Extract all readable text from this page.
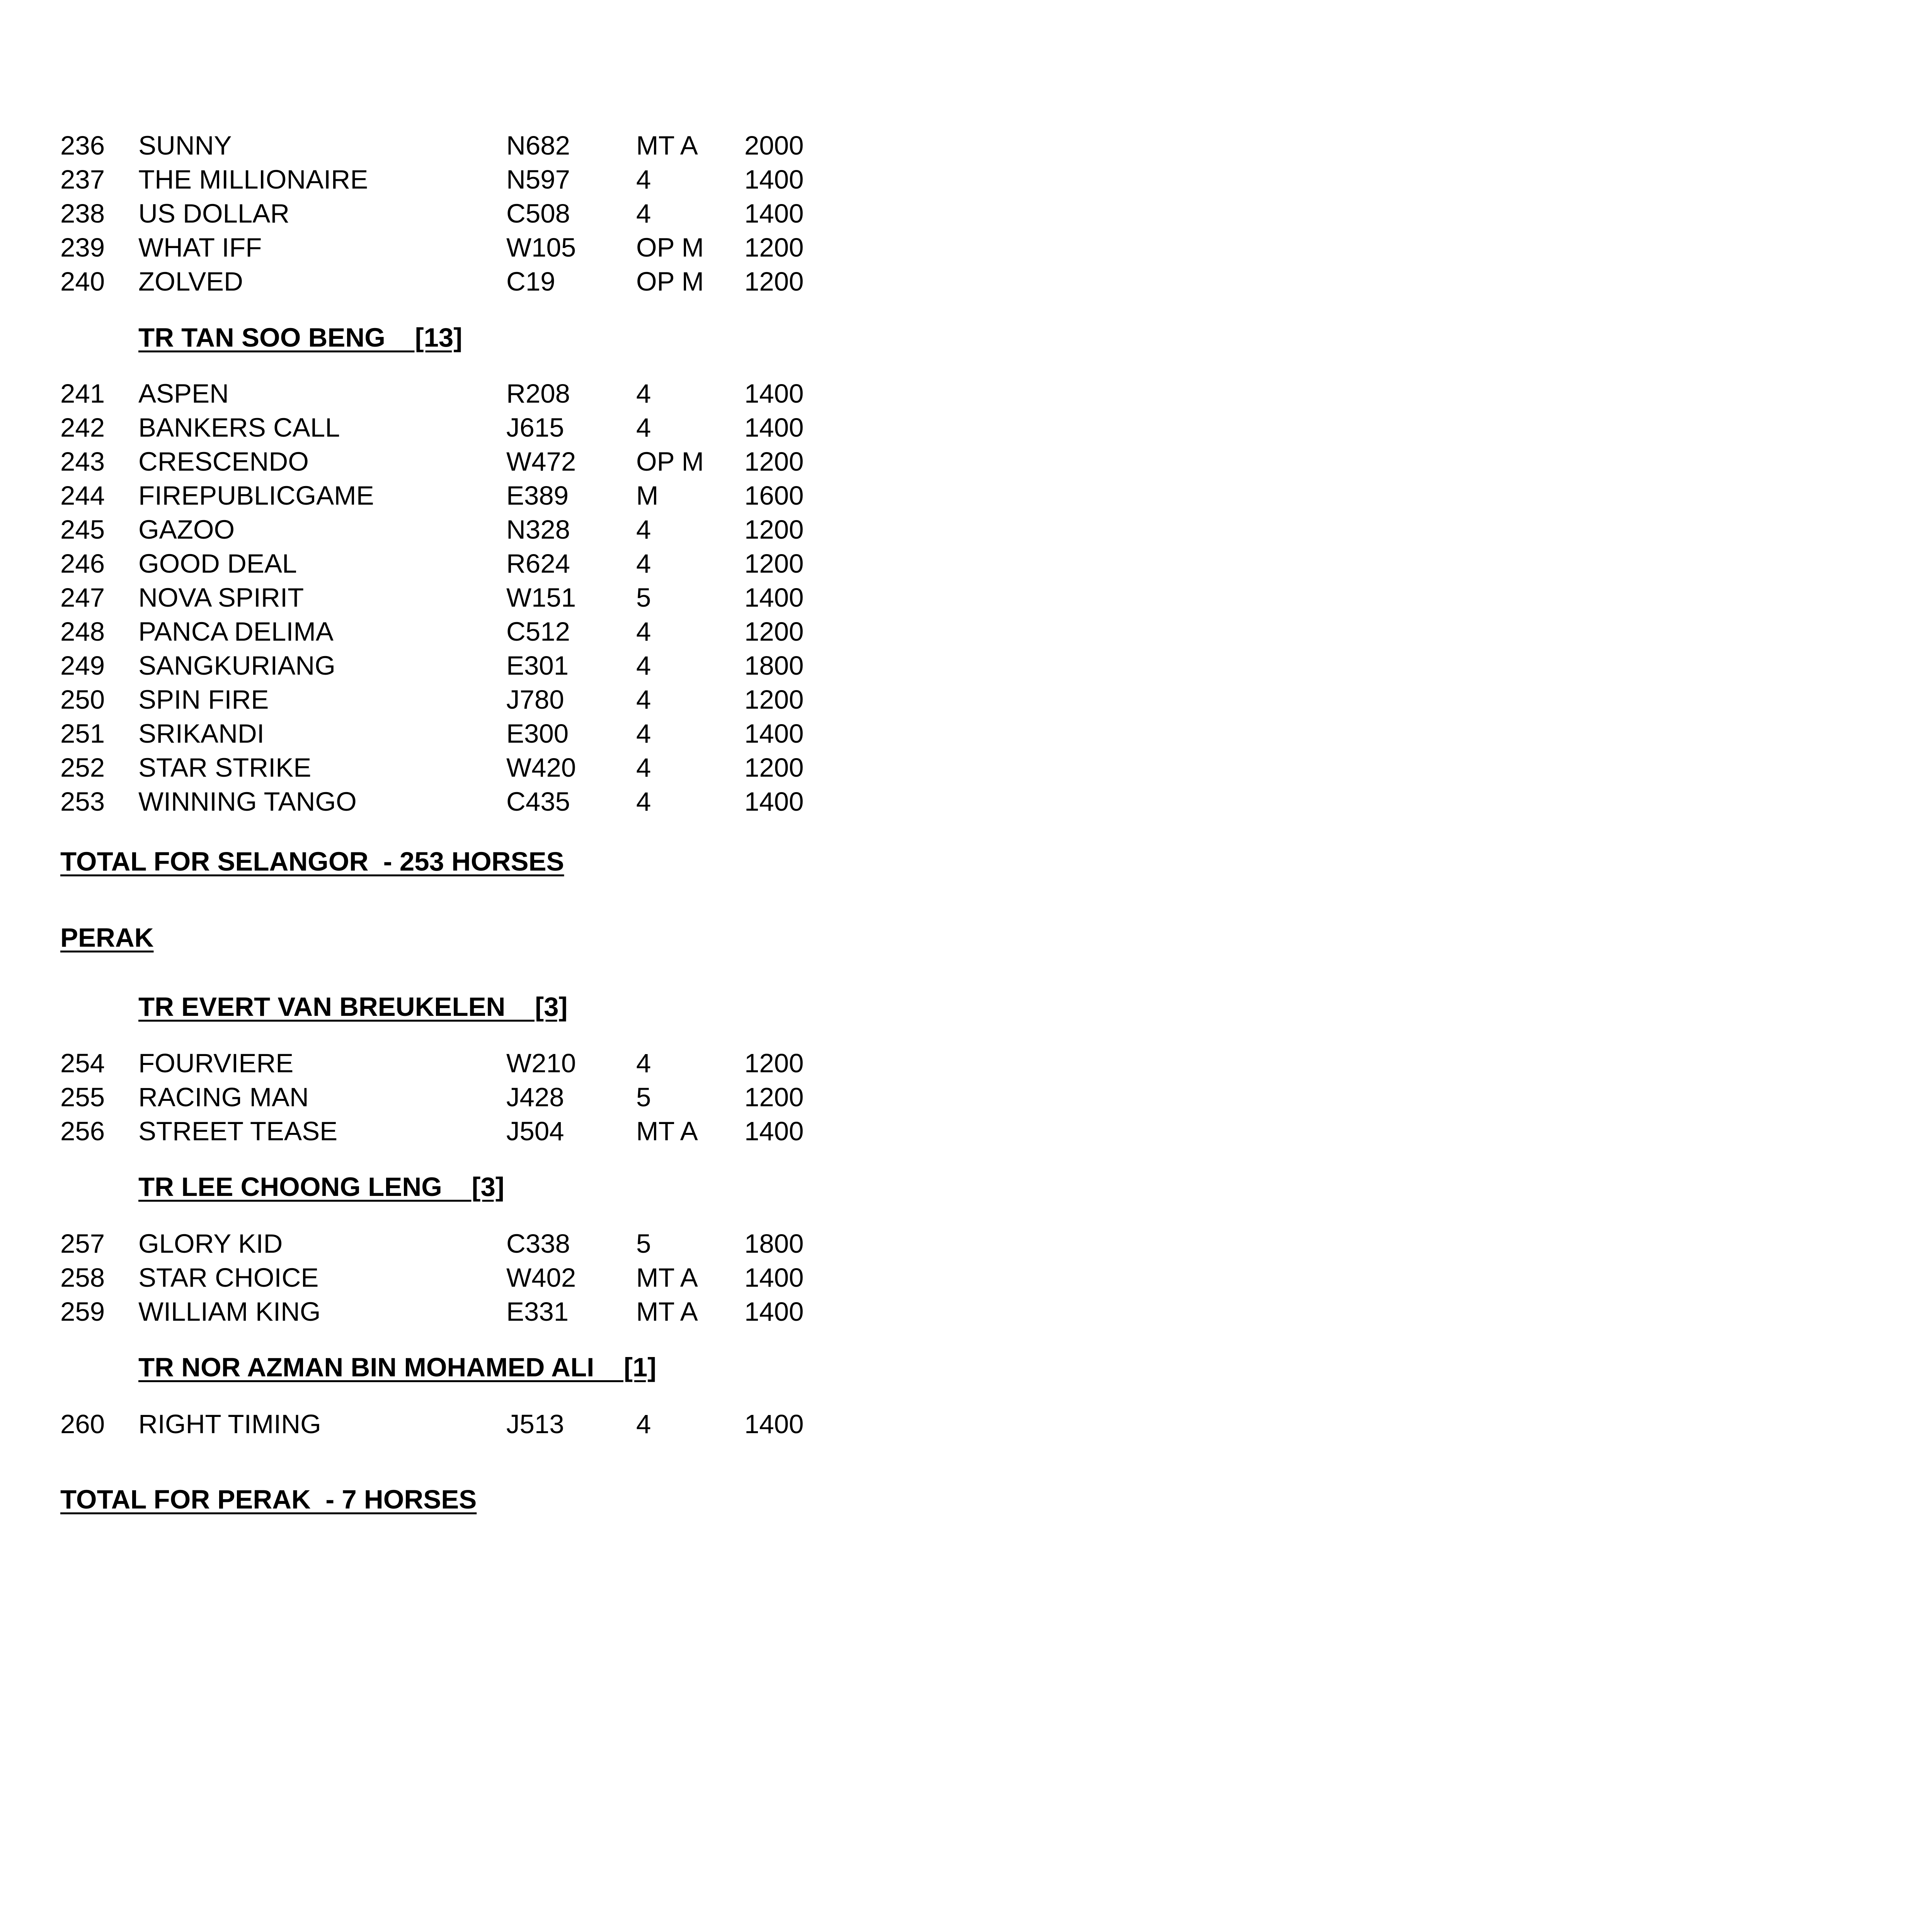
236 SUNNY	N682 MT A 2000
237 THE MILLIONAIRE	N597 4	1400
238 US DOLLAR	C508 4	1400
239 WHAT IFF	W105 OP M 1200
240 ZOLVED	C19	OP M 1200
TR TAN SOO BENG    [13]
241 ASPEN	R208 4	1400
242 BANKERS CALL	J615	4	1400
243 CRESCENDO	W472 OP M 1200
244 FIREPUBLICGAME	E389	M	1600
245 GAZOO	N328 4	1200
246 GOOD DEAL	R624 4	1200
247 NOVA SPIRIT	W151 5	1400
248 PANCA DELIMA	C512 4	1200
249 SANGKURIANG	E301	4	1800
250 SPIN FIRE	J780	4	1200
251 SRIKANDI	E300	4	1400
252 STAR STRIKE	W420 4	1200
253 WINNING TANGO	C435 4	1400
TOTAL FOR SELANGOR  - 253 HORSES
PERAK
TR EVERT VAN BREUKELEN    [3]
254 FOURVIERE	W210 4	1200
255 RACING MAN	J428	5	1200
256 STREET TEASE	J504	MT A 1400
TR LEE CHOONG LENG    [3]
257 GLORY KID	C338 5	1800
258 STAR CHOICE	W402 MT A 1400
259 WILLIAM KING	E331	MT A 1400
TR NOR AZMAN BIN MOHAMED ALI    [1]
260 RIGHT TIMING	J513	4	1400
TOTAL FOR PERAK  - 7 HORSES
